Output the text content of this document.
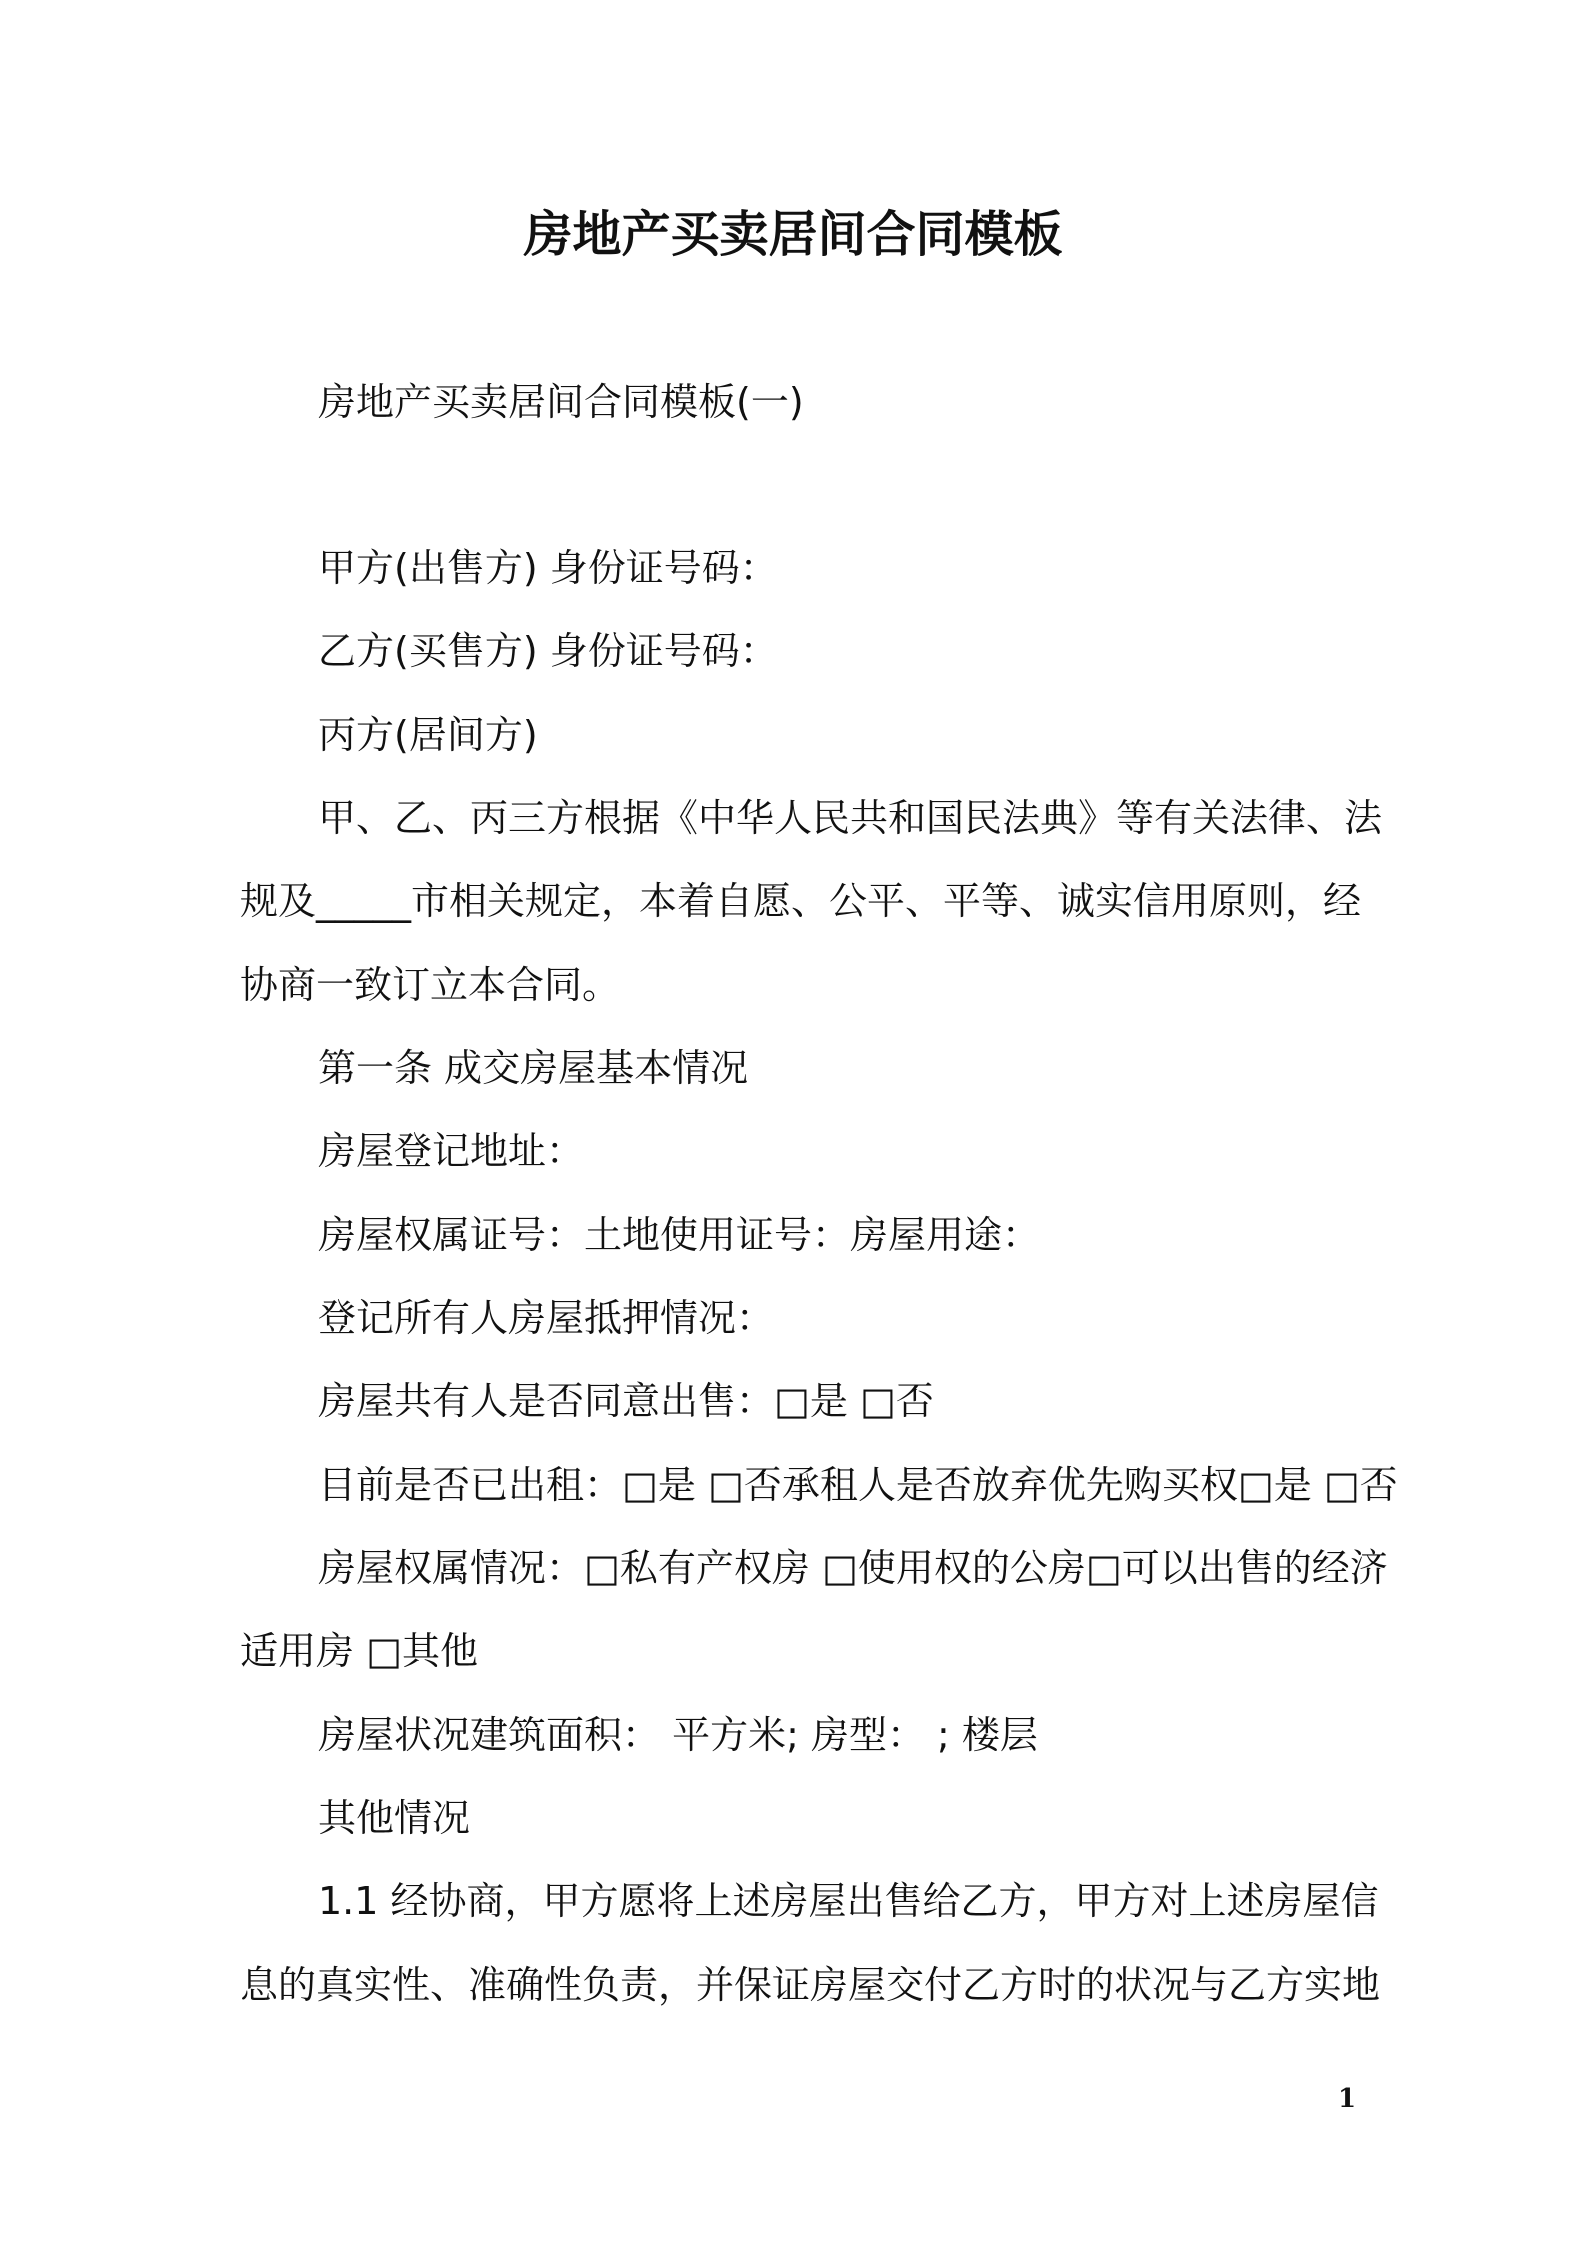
房地产买卖居间合同模板
房地产买卖居间合同模板(一)
甲方(出售方) 身份证号码：
乙方(买售方) 身份证号码：
丙方(居间方)
甲、乙、丙三方根据《中华人民共和国民法典》等有关法律、法
规及_____市相关规定，本着自愿、公平、平等、诚实信用原则，经
协商一致订立本合同。
第一条 成交房屋基本情况
房屋登记地址：
房屋权属证号：土地使用证号：房屋用途：
登记所有人房屋抵押情况：
房屋共有人是否同意出售：□是 □否
目前是否已出租：□是 □否承租人是否放弃优先购买权□是 □否
房屋权属情况：□私有产权房 □使用权的公房□可以出售的经济
适用房 □其他
房屋状况建筑面积： 平方米; 房型： ; 楼层
其他情况
1.1 经协商，甲方愿将上述房屋出售给乙方，甲方对上述房屋信
息的真实性、准确性负责，并保证房屋交付乙方时的状况与乙方实地
1
